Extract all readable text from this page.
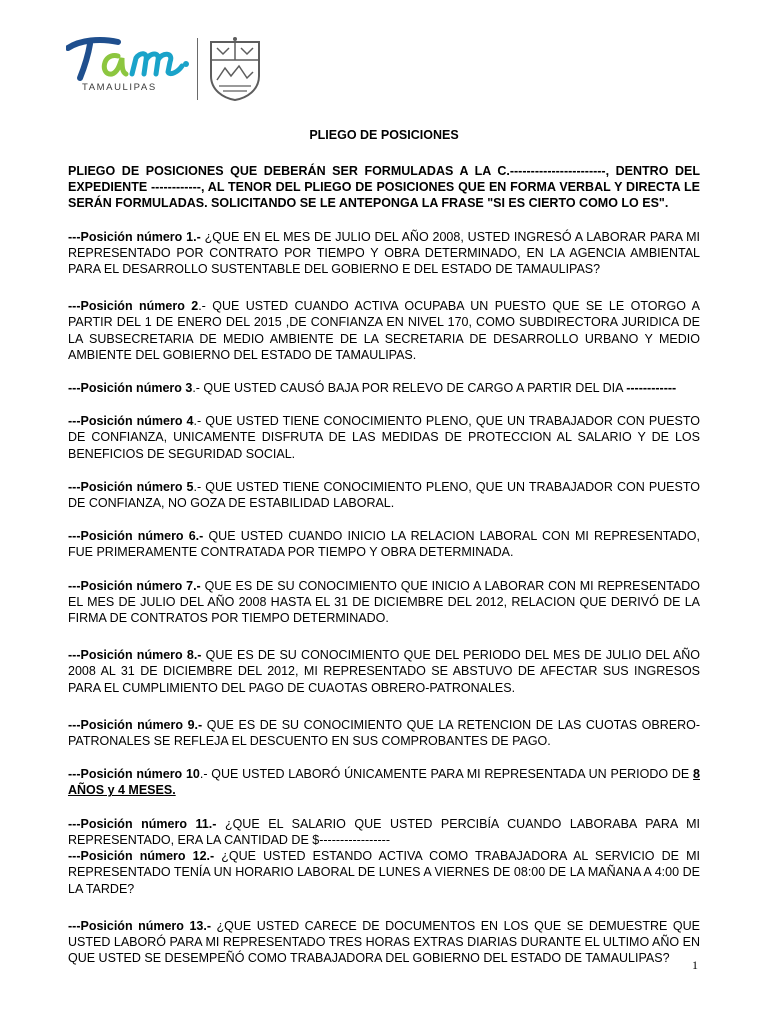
TAMAULIPAS
PLIEGO DE POSICIONES

PLIEGO DE POSICIONES QUE DEBERÁN SER FORMULADAS A LA C.-----------------------, DENTRO DEL EXPEDIENTE ------------, AL TENOR DEL PLIEGO DE POSICIONES QUE EN FORMA VERBAL Y DIRECTA LE SERÁN FORMULADAS. SOLICITANDO SE LE ANTEPONGA LA FRASE "SI ES CIERTO COMO LO ES".

---Posición número 1.- ¿QUE EN EL MES DE JULIO DEL AÑO 2008, USTED INGRESÓ A LABORAR PARA MI REPRESENTADO POR CONTRATO POR TIEMPO Y OBRA DETERMINADO, EN LA AGENCIA AMBIENTAL PARA EL DESARROLLO SUSTENTABLE DEL GOBIERNO E DEL ESTADO DE TAMAULIPAS?

---Posición número 2.- QUE USTED CUANDO ACTIVA OCUPABA UN PUESTO QUE SE LE OTORGO A PARTIR DEL 1 DE ENERO DEL 2015 ,DE CONFIANZA EN NIVEL 170, COMO SUBDIRECTORA JURIDICA DE LA SUBSECRETARIA DE MEDIO AMBIENTE DE LA SECRETARIA DE DESARROLLO URBANO Y MEDIO AMBIENTE DEL GOBIERNO DEL ESTADO DE TAMAULIPAS.

---Posición número 3.- QUE USTED CAUSÓ BAJA POR RELEVO DE CARGO A PARTIR DEL DIA ------------

---Posición número 4.- QUE USTED TIENE CONOCIMIENTO PLENO, QUE UN TRABAJADOR CON PUESTO DE CONFIANZA, UNICAMENTE DISFRUTA DE LAS MEDIDAS DE PROTECCION AL SALARIO Y DE LOS BENEFICIOS DE SEGURIDAD SOCIAL.

---Posición número 5.- QUE USTED TIENE CONOCIMIENTO PLENO, QUE UN TRABAJADOR CON PUESTO DE CONFIANZA, NO GOZA DE ESTABILIDAD LABORAL.

---Posición número 6.- QUE USTED CUANDO INICIO LA RELACION LABORAL CON MI REPRESENTADO, FUE PRIMERAMENTE CONTRATADA POR TIEMPO Y OBRA DETERMINADA.

---Posición número 7.- QUE ES DE SU CONOCIMIENTO QUE INICIO A LABORAR CON MI REPRESENTADO EL MES DE JULIO DEL AÑO 2008 HASTA EL 31 DE DICIEMBRE DEL 2012, RELACION QUE DERIVÓ DE LA FIRMA DE CONTRATOS POR TIEMPO DETERMINADO.

---Posición número 8.- QUE ES DE SU CONOCIMIENTO QUE DEL PERIODO DEL MES DE JULIO DEL AÑO 2008 AL 31 DE DICIEMBRE DEL 2012, MI REPRESENTADO SE ABSTUVO DE AFECTAR SUS INGRESOS PARA EL CUMPLIMIENTO DEL PAGO DE CUAOTAS OBRERO-PATRONALES.

---Posición número 9.- QUE ES DE SU CONOCIMIENTO QUE LA RETENCION DE LAS CUOTAS OBRERO-PATRONALES SE REFLEJA EL DESCUENTO EN SUS COMPROBANTES DE PAGO.

---Posición número 10.- QUE USTED LABORÓ ÚNICAMENTE PARA MI REPRESENTADA UN PERIODO DE 8 AÑOS y 4 MESES.

---Posición número 11.- ¿QUE EL SALARIO QUE USTED PERCIBÍA CUANDO LABORABA PARA MI REPRESENTADO, ERA LA CANTIDAD DE $-----------------

---Posición número 12.- ¿QUE USTED ESTANDO ACTIVA COMO TRABAJADORA AL SERVICIO DE MI REPRESENTADO TENÍA UN HORARIO LABORAL DE LUNES A VIERNES DE 08:00 DE LA MAÑANA A 4:00 DE LA TARDE?

---Posición número 13.- ¿QUE USTED CARECE DE DOCUMENTOS EN LOS QUE SE DEMUESTRE QUE USTED LABORÓ PARA MI REPRESENTADO TRES HORAS EXTRAS DIARIAS DURANTE EL ULTIMO AÑO EN QUE USTED SE DESEMPEÑÓ COMO TRABAJADORA DEL GOBIERNO DEL ESTADO DE TAMAULIPAS?	1
